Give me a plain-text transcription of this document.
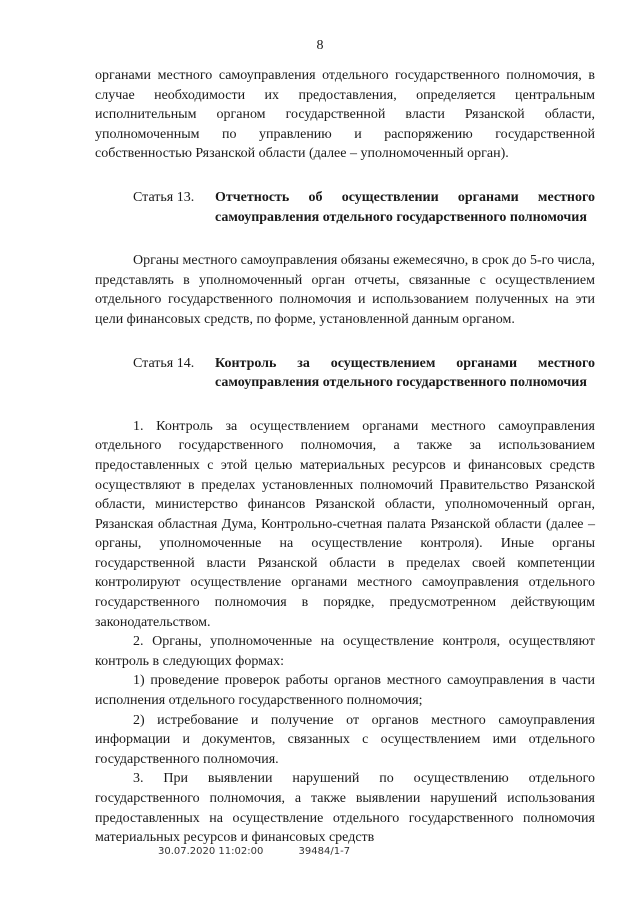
8

органами местного самоуправления отдельного государственного полномочия, в случае необходимости их предоставления, определяется центральным исполнительным органом государственной власти Рязанской области, уполномоченным по управлению и распоряжению государственной собственностью Рязанской области (далее – уполномоченный орган).

Статья 13.	Отчетность об осуществлении органами местного самоуправления отдельного государственного полномочия

Органы местного самоуправления обязаны ежемесячно, в срок до 5-го числа, представлять в уполномоченный орган отчеты, связанные с осуществлением отдельного государственного полномочия и использованием полученных на эти цели финансовых средств, по форме, установленной данным органом.

Статья 14.	Контроль за осуществлением органами местного самоуправления отдельного государственного полномочия

1. Контроль за осуществлением органами местного самоуправления отдельного государственного полномочия, а также за использованием предоставленных с этой целью материальных ресурсов и финансовых средств осуществляют в пределах установленных полномочий Правительство Рязанской области, министерство финансов Рязанской области, уполномоченный орган, Рязанская областная Дума, Контрольно-счетная палата Рязанской области (далее – органы, уполномоченные на осуществление контроля). Иные органы государственной власти Рязанской области в пределах своей компетенции контролируют осуществление органами местного самоуправления отдельного государственного полномочия в порядке, предусмотренном действующим законодательством.

2. Органы, уполномоченные на осуществление контроля, осуществляют контроль в следующих формах:

1) проведение проверок работы органов местного самоуправления в части исполнения отдельного государственного полномочия;

2) истребование и получение от органов местного самоуправления информации и документов, связанных с осуществлением ими отдельного государственного полномочия.

3. При выявлении нарушений по осуществлению отдельного государственного полномочия, а также выявлении нарушений использования предоставленных на осуществление отдельного государственного полномочия материальных ресурсов и финансовых средств

30.07.2020 11:02:00	39484/1-7
